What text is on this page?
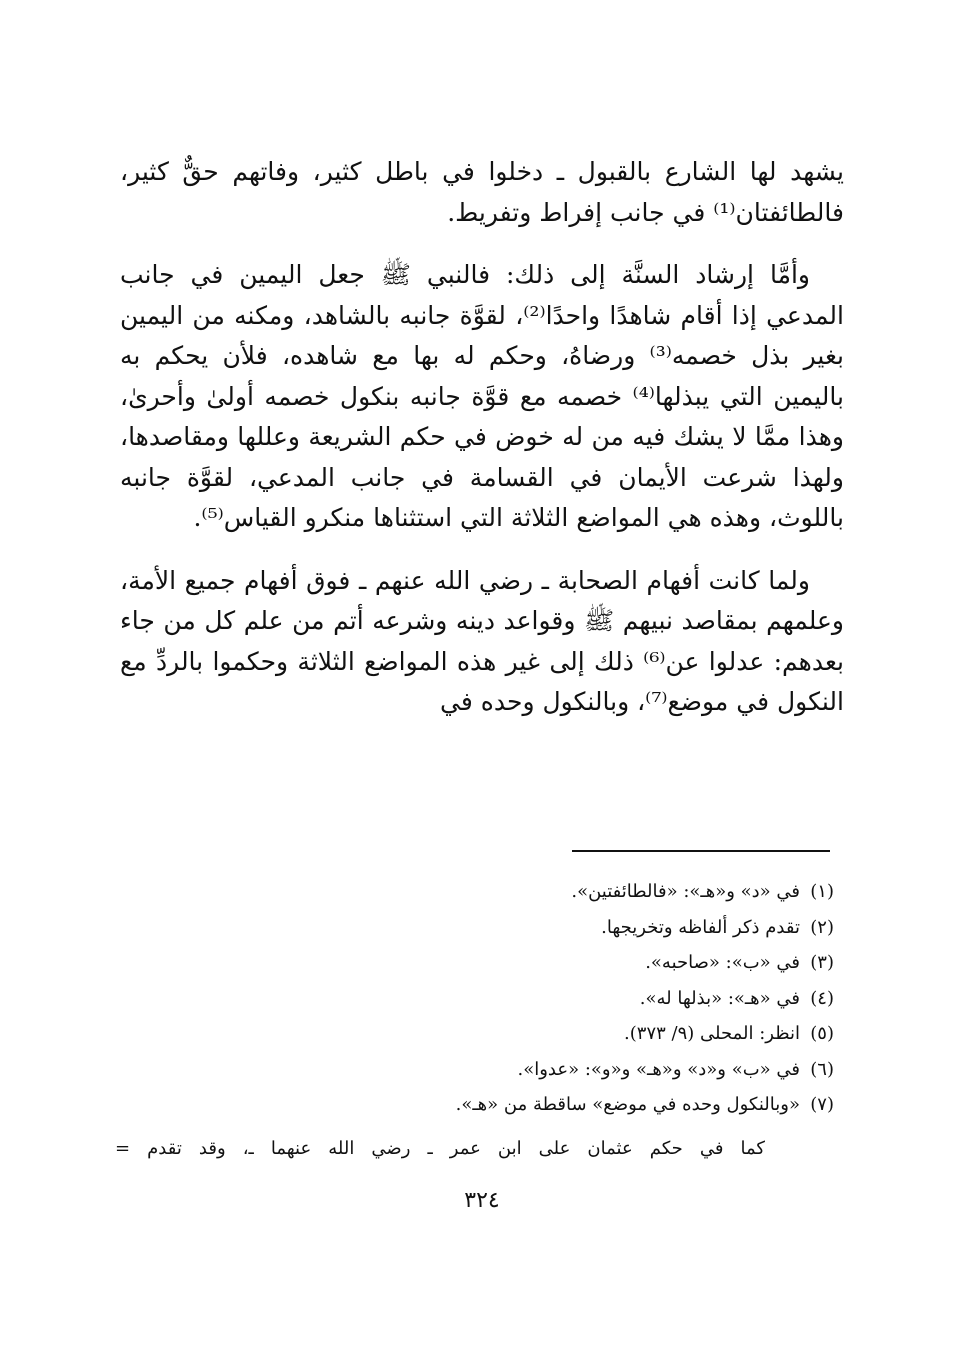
يشهد لها الشارع بالقبول ـ دخلوا في باطل كثير، وفاتهم حقٌّ كثير، فالطائفتان⁽¹⁾ في جانب إفراط وتفريط.

وأمَّا إرشاد السنَّة إلى ذلك: فالنبي ﷺ جعل اليمين في جانب المدعي إذا أقام شاهدًا واحدًا⁽²⁾، لقوَّة جانبه بالشاهد، ومكنه من اليمين بغير بذل خصمه⁽³⁾ ورضاهُ، وحكم له بها مع شاهده، فلأن يحكم به باليمين التي يبذلها⁽⁴⁾ خصمه مع قوَّة جانبه بنكول خصمه أولىٰ وأحرىٰ، وهذا ممَّا لا يشك فيه من له خوض في حكم الشريعة وعللها ومقاصدها، ولهذا شرعت الأيمان في القسامة في جانب المدعي، لقوَّة جانبه باللوث، وهذه هي المواضع الثلاثة التي استثناها منكرو القياس⁽⁵⁾.

ولما كانت أفهام الصحابة ـ رضي الله عنهم ـ فوق أفهام جميع الأمة، وعلمهم بمقاصد نبيهم ﷺ وقواعد دينه وشرعه أتم من علم كل من جاء بعدهم: عدلوا عن⁽⁶⁾ ذلك إلى غير هذه المواضع الثلاثة وحكموا بالردِّ مع النكول في موضع⁽⁷⁾، وبالنكول وحده في

(١)
في «د» و«هـ»: «فالطائفتين».
(٢)
تقدم ذكر ألفاظه وتخريجها.
(٣)
في «ب»: «صاحبه».
(٤)
في «هـ»: «بذلها له».
(٥)
انظر: المحلى (٩/ ٣٧٣).
(٦)
في «ب» و«د» و«هـ» و«و»: «عدوا».
(٧)
«وبالنكول وحده في موضع» ساقطة من «هـ».

كما في حكم عثمان على ابن عمر ـ رضي الله عنهما ـ، وقد تقدم =

٣٢٤
